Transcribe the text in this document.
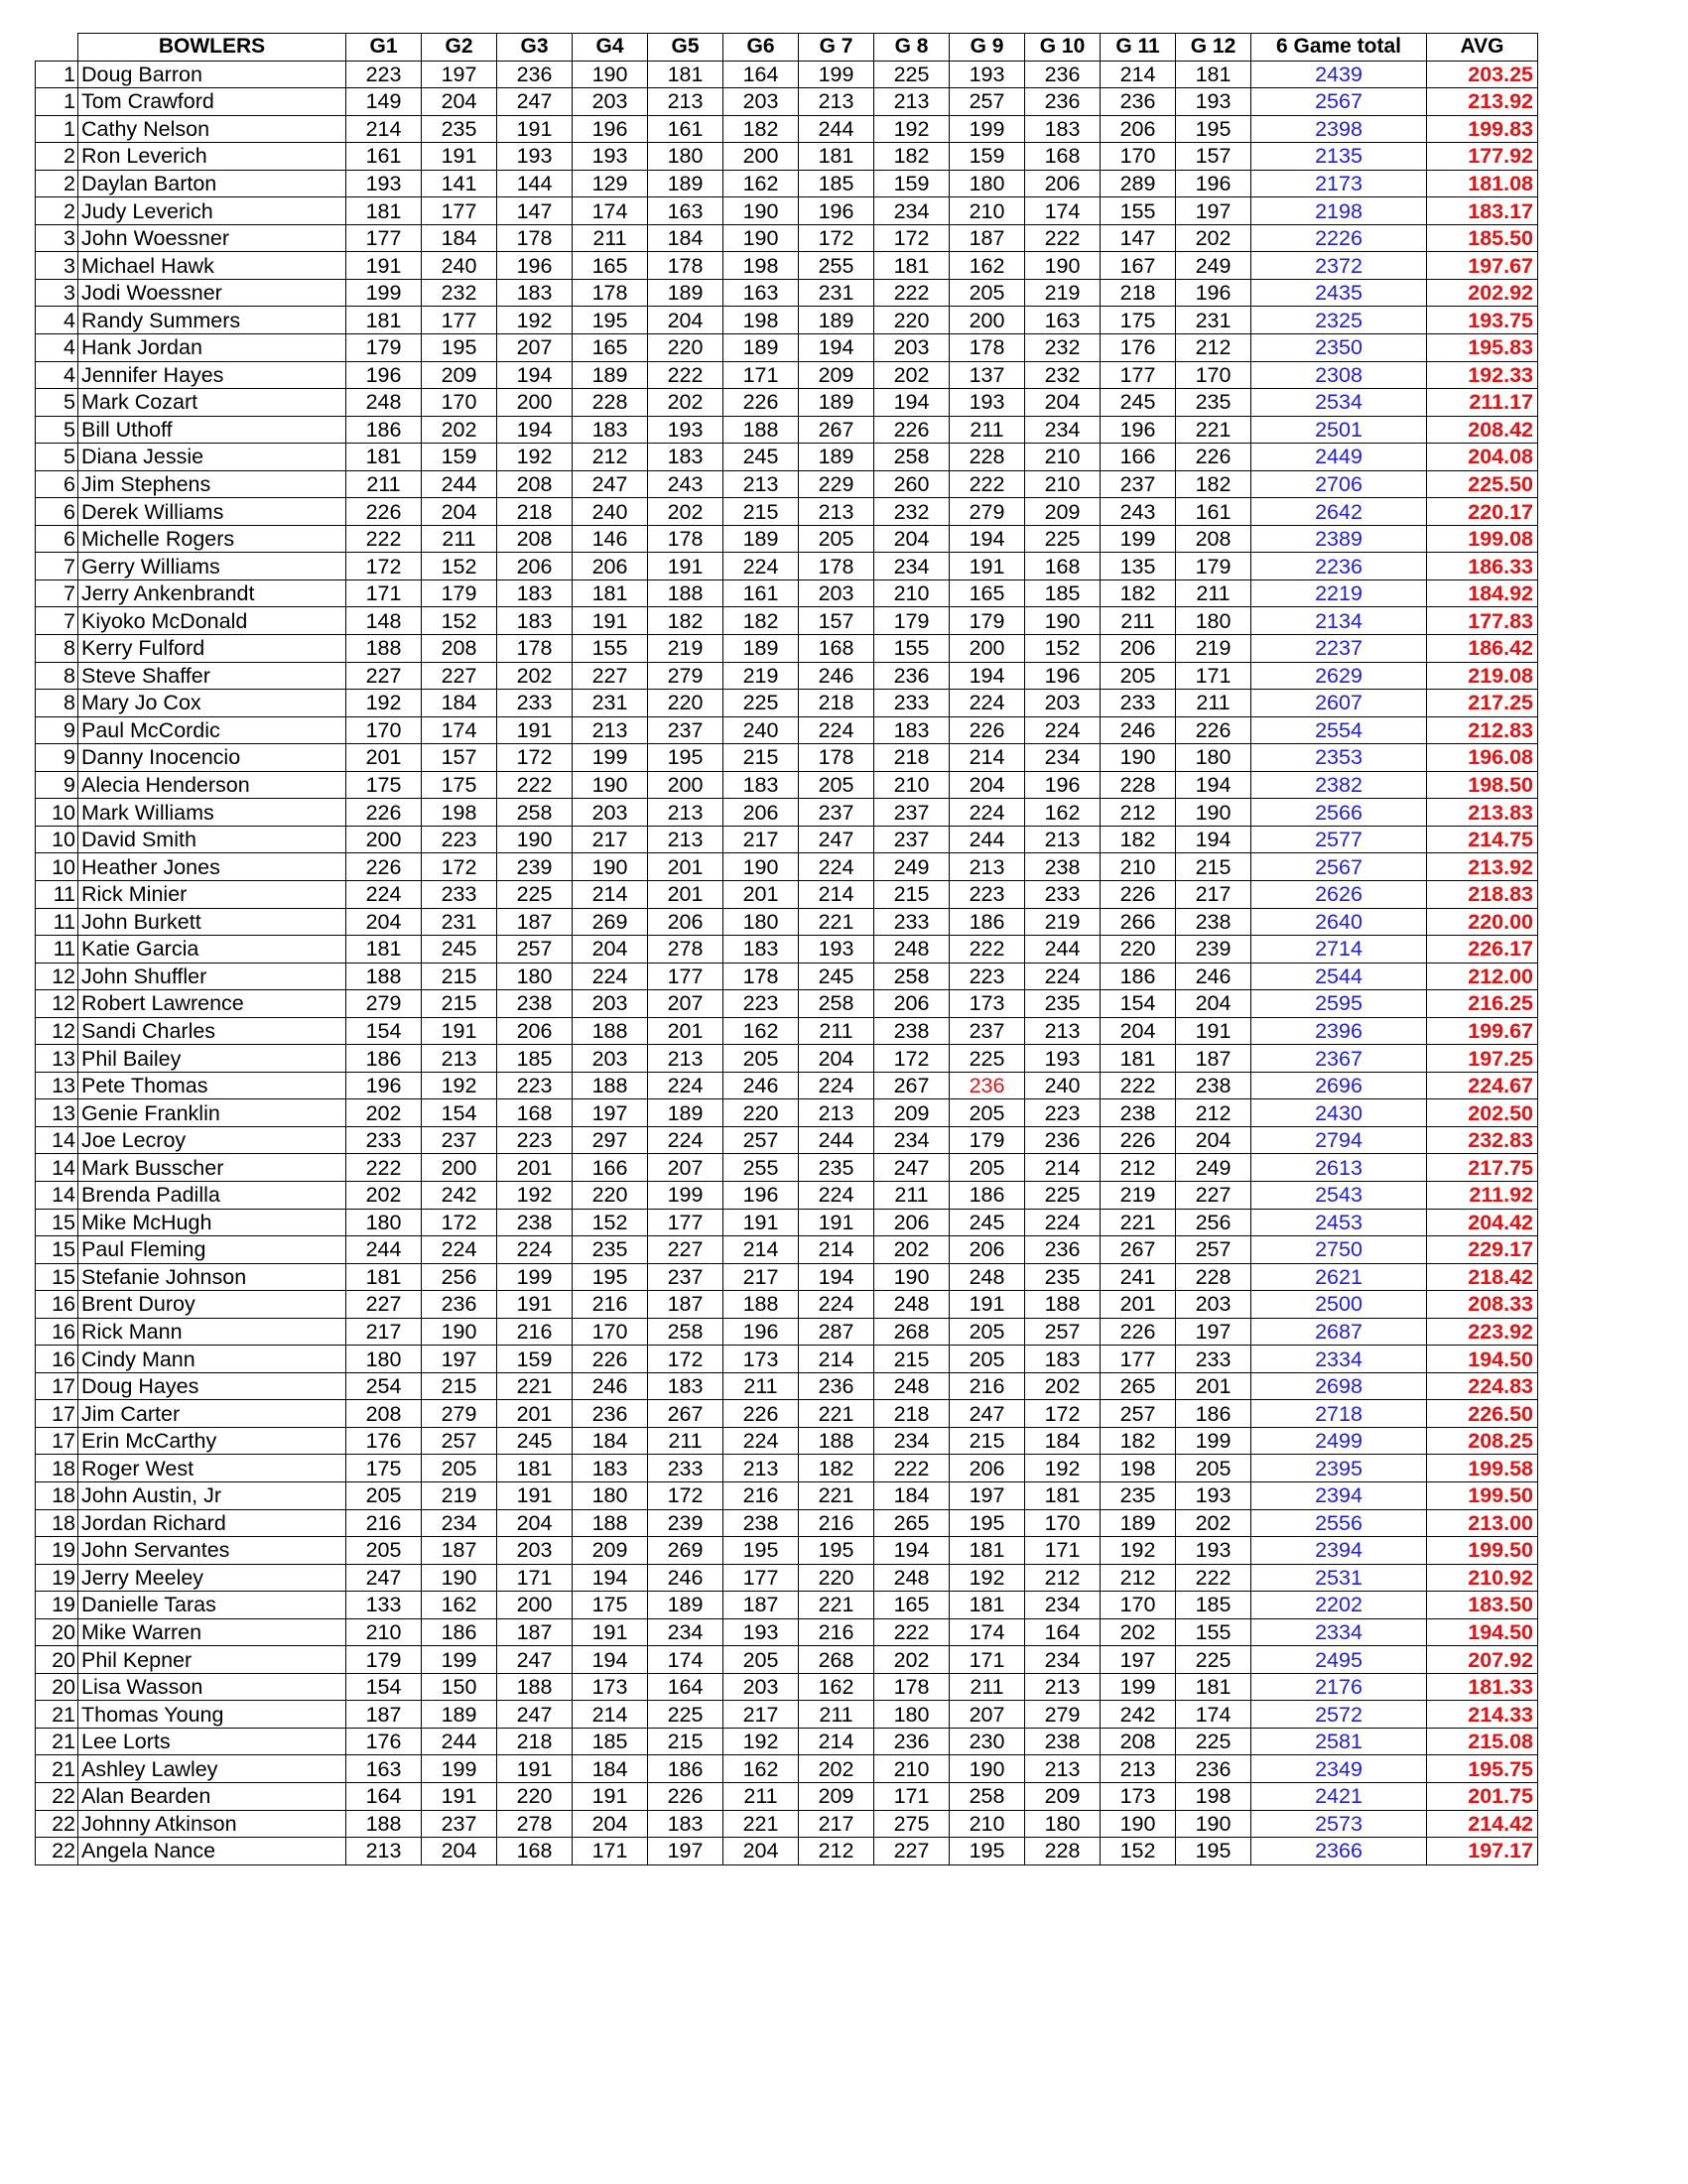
	BOWLERS	G1	G2	G3	G4	G5	G6	G 7	G 8	G 9	G 10	G 11	G 12	6 Game total	AVG
1	Doug Barron	223	197	236	190	181	164	199	225	193	236	214	181	2439	203.25
1	Tom Crawford	149	204	247	203	213	203	213	213	257	236	236	193	2567	213.92
1	Cathy Nelson	214	235	191	196	161	182	244	192	199	183	206	195	2398	199.83
2	Ron Leverich	161	191	193	193	180	200	181	182	159	168	170	157	2135	177.92
2	Daylan Barton	193	141	144	129	189	162	185	159	180	206	289	196	2173	181.08
2	Judy Leverich	181	177	147	174	163	190	196	234	210	174	155	197	2198	183.17
3	John Woessner	177	184	178	211	184	190	172	172	187	222	147	202	2226	185.50
3	Michael Hawk	191	240	196	165	178	198	255	181	162	190	167	249	2372	197.67
3	Jodi Woessner	199	232	183	178	189	163	231	222	205	219	218	196	2435	202.92
4	Randy Summers	181	177	192	195	204	198	189	220	200	163	175	231	2325	193.75
4	Hank Jordan	179	195	207	165	220	189	194	203	178	232	176	212	2350	195.83
4	Jennifer Hayes	196	209	194	189	222	171	209	202	137	232	177	170	2308	192.33
5	Mark Cozart	248	170	200	228	202	226	189	194	193	204	245	235	2534	211.17
5	Bill Uthoff	186	202	194	183	193	188	267	226	211	234	196	221	2501	208.42
5	Diana Jessie	181	159	192	212	183	245	189	258	228	210	166	226	2449	204.08
6	Jim Stephens	211	244	208	247	243	213	229	260	222	210	237	182	2706	225.50
6	Derek Williams	226	204	218	240	202	215	213	232	279	209	243	161	2642	220.17
6	Michelle Rogers	222	211	208	146	178	189	205	204	194	225	199	208	2389	199.08
7	Gerry Williams	172	152	206	206	191	224	178	234	191	168	135	179	2236	186.33
7	Jerry Ankenbrandt	171	179	183	181	188	161	203	210	165	185	182	211	2219	184.92
7	Kiyoko McDonald	148	152	183	191	182	182	157	179	179	190	211	180	2134	177.83
8	Kerry Fulford	188	208	178	155	219	189	168	155	200	152	206	219	2237	186.42
8	Steve Shaffer	227	227	202	227	279	219	246	236	194	196	205	171	2629	219.08
8	Mary Jo Cox	192	184	233	231	220	225	218	233	224	203	233	211	2607	217.25
9	Paul McCordic	170	174	191	213	237	240	224	183	226	224	246	226	2554	212.83
9	Danny Inocencio	201	157	172	199	195	215	178	218	214	234	190	180	2353	196.08
9	Alecia Henderson	175	175	222	190	200	183	205	210	204	196	228	194	2382	198.50
10	Mark Williams	226	198	258	203	213	206	237	237	224	162	212	190	2566	213.83
10	David Smith	200	223	190	217	213	217	247	237	244	213	182	194	2577	214.75
10	Heather Jones	226	172	239	190	201	190	224	249	213	238	210	215	2567	213.92
11	Rick Minier	224	233	225	214	201	201	214	215	223	233	226	217	2626	218.83
11	John Burkett	204	231	187	269	206	180	221	233	186	219	266	238	2640	220.00
11	Katie Garcia	181	245	257	204	278	183	193	248	222	244	220	239	2714	226.17
12	John Shuffler	188	215	180	224	177	178	245	258	223	224	186	246	2544	212.00
12	Robert Lawrence	279	215	238	203	207	223	258	206	173	235	154	204	2595	216.25
12	Sandi Charles	154	191	206	188	201	162	211	238	237	213	204	191	2396	199.67
13	Phil Bailey	186	213	185	203	213	205	204	172	225	193	181	187	2367	197.25
13	Pete Thomas	196	192	223	188	224	246	224	267	236	240	222	238	2696	224.67
13	Genie Franklin	202	154	168	197	189	220	213	209	205	223	238	212	2430	202.50
14	Joe Lecroy	233	237	223	297	224	257	244	234	179	236	226	204	2794	232.83
14	Mark Busscher	222	200	201	166	207	255	235	247	205	214	212	249	2613	217.75
14	Brenda Padilla	202	242	192	220	199	196	224	211	186	225	219	227	2543	211.92
15	Mike McHugh	180	172	238	152	177	191	191	206	245	224	221	256	2453	204.42
15	Paul Fleming	244	224	224	235	227	214	214	202	206	236	267	257	2750	229.17
15	Stefanie Johnson	181	256	199	195	237	217	194	190	248	235	241	228	2621	218.42
16	Brent Duroy	227	236	191	216	187	188	224	248	191	188	201	203	2500	208.33
16	Rick Mann	217	190	216	170	258	196	287	268	205	257	226	197	2687	223.92
16	Cindy Mann	180	197	159	226	172	173	214	215	205	183	177	233	2334	194.50
17	Doug Hayes	254	215	221	246	183	211	236	248	216	202	265	201	2698	224.83
17	Jim Carter	208	279	201	236	267	226	221	218	247	172	257	186	2718	226.50
17	Erin McCarthy	176	257	245	184	211	224	188	234	215	184	182	199	2499	208.25
18	Roger West	175	205	181	183	233	213	182	222	206	192	198	205	2395	199.58
18	John Austin, Jr	205	219	191	180	172	216	221	184	197	181	235	193	2394	199.50
18	Jordan Richard	216	234	204	188	239	238	216	265	195	170	189	202	2556	213.00
19	John Servantes	205	187	203	209	269	195	195	194	181	171	192	193	2394	199.50
19	Jerry Meeley	247	190	171	194	246	177	220	248	192	212	212	222	2531	210.92
19	Danielle Taras	133	162	200	175	189	187	221	165	181	234	170	185	2202	183.50
20	Mike Warren	210	186	187	191	234	193	216	222	174	164	202	155	2334	194.50
20	Phil Kepner	179	199	247	194	174	205	268	202	171	234	197	225	2495	207.92
20	Lisa Wasson	154	150	188	173	164	203	162	178	211	213	199	181	2176	181.33
21	Thomas Young	187	189	247	214	225	217	211	180	207	279	242	174	2572	214.33
21	Lee Lorts	176	244	218	185	215	192	214	236	230	238	208	225	2581	215.08
21	Ashley Lawley	163	199	191	184	186	162	202	210	190	213	213	236	2349	195.75
22	Alan Bearden	164	191	220	191	226	211	209	171	258	209	173	198	2421	201.75
22	Johnny Atkinson	188	237	278	204	183	221	217	275	210	180	190	190	2573	214.42
22	Angela Nance	213	204	168	171	197	204	212	227	195	228	152	195	2366	197.17
